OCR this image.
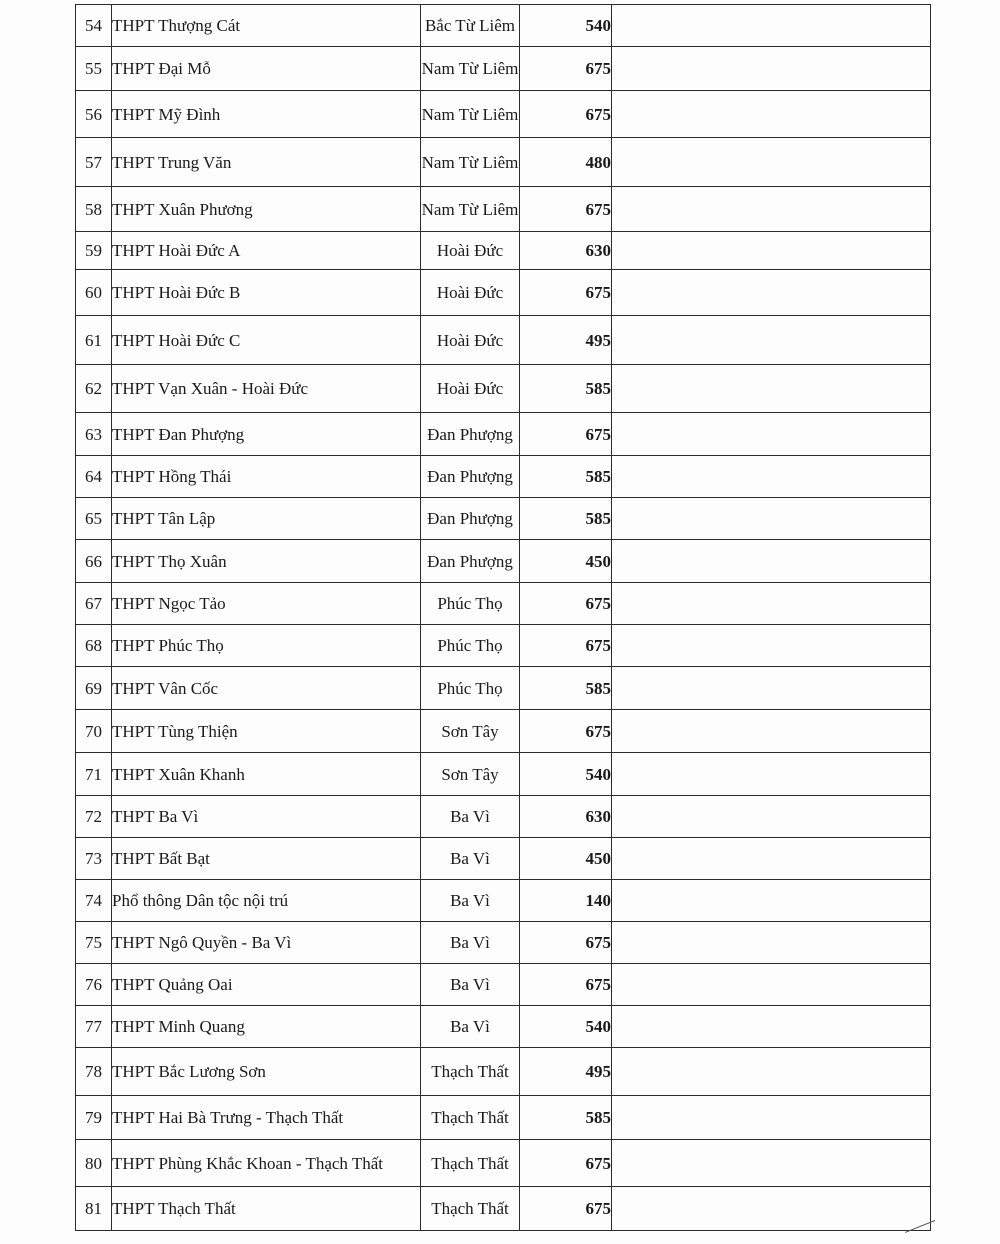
54	THPT Thượng Cát	Bắc Từ Liêm	540	
55	THPT Đại Mỗ	Nam Từ Liêm	675	
56	THPT Mỹ Đình	Nam Từ Liêm	675	
57	THPT Trung Văn	Nam Từ Liêm	480	
58	THPT Xuân Phương	Nam Từ Liêm	675	
59	THPT Hoài Đức A	Hoài Đức	630	
60	THPT Hoài Đức B	Hoài Đức	675	
61	THPT Hoài Đức C	Hoài Đức	495	
62	THPT Vạn Xuân - Hoài Đức	Hoài Đức	585	
63	THPT Đan Phượng	Đan Phượng	675	
64	THPT Hồng Thái	Đan Phượng	585	
65	THPT Tân Lập	Đan Phượng	585	
66	THPT Thọ Xuân	Đan Phượng	450	
67	THPT Ngọc Tảo	Phúc Thọ	675	
68	THPT Phúc Thọ	Phúc Thọ	675	
69	THPT Vân Cốc	Phúc Thọ	585	
70	THPT Tùng Thiện	Sơn Tây	675	
71	THPT Xuân Khanh	Sơn Tây	540	
72	THPT Ba Vì	Ba Vì	630	
73	THPT Bất Bạt	Ba Vì	450	
74	Phổ thông Dân tộc nội trú	Ba Vì	140	
75	THPT Ngô Quyền - Ba Vì	Ba Vì	675	
76	THPT Quảng Oai	Ba Vì	675	
77	THPT Minh Quang	Ba Vì	540	
78	THPT Bắc Lương Sơn	Thạch Thất	495	
79	THPT Hai Bà Trưng - Thạch Thất	Thạch Thất	585	
80	THPT Phùng Khắc Khoan - Thạch Thất	Thạch Thất	675	
81	THPT Thạch Thất	Thạch Thất	675	
